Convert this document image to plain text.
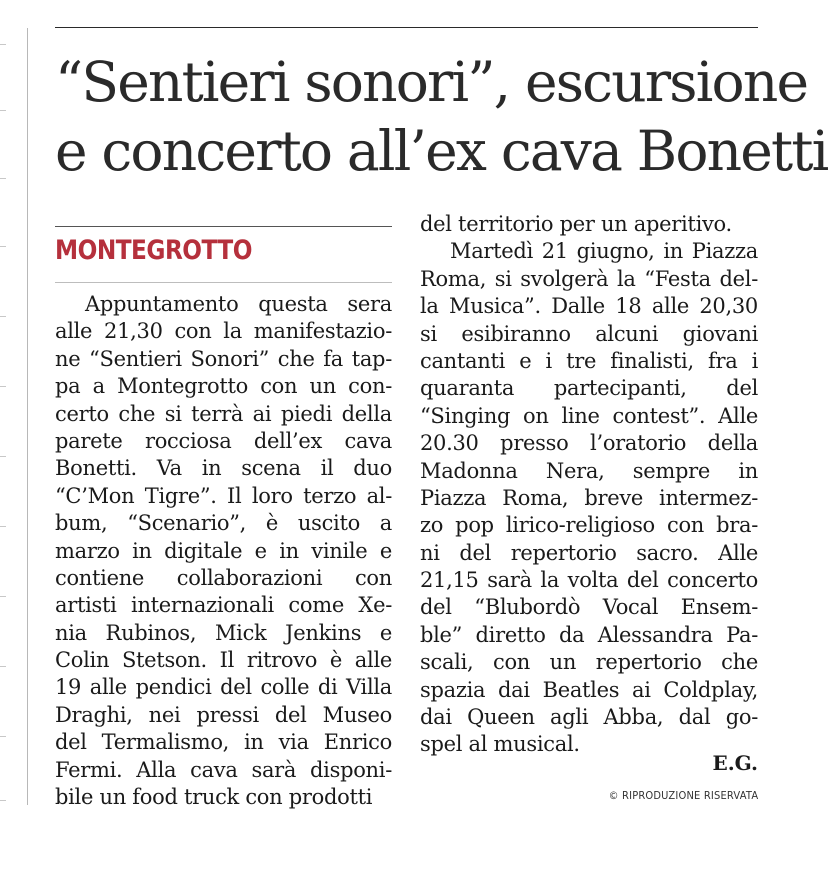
“Sentieri sonori”, escursione
e concerto all’ex cava Bonetti
MONTEGROTTO
Appuntamento questa sera
alle 21,30 con la manifestazio-
ne “Sentieri Sonori” che fa tap-
pa a Montegrotto con un con-
certo che si terrà ai piedi della
parete rocciosa dell’ex cava
Bonetti. Va in scena il duo
“C’Mon Tigre”. Il loro terzo al-
bum, “Scenario”, è uscito a
marzo in digitale e in vinile e
contiene collaborazioni con
artisti internazionali come Xe-
nia Rubinos, Mick Jenkins e
Colin Stetson. Il ritrovo è alle
19 alle pendici del colle di Villa
Draghi, nei pressi del Museo
del Termalismo, in via Enrico
Fermi. Alla cava sarà disponi-
bile un food truck con prodotti
del territorio per un aperitivo.
Martedì 21 giugno, in Piazza
Roma, si svolgerà la “Festa del-
la Musica”. Dalle 18 alle 20,30
si esibiranno alcuni giovani
cantanti e i tre finalisti, fra i
quaranta partecipanti, del
“Singing on line contest”. Alle
20.30 presso l’oratorio della
Madonna Nera, sempre in
Piazza Roma, breve intermez-
zo pop lirico-religioso con bra-
ni del repertorio sacro. Alle
21,15 sarà la volta del concerto
del “Blubordò Vocal Ensem-
ble” diretto da Alessandra Pa-
scali, con un repertorio che
spazia dai Beatles ai Coldplay,
dai Queen agli Abba, dal go-
spel al musical.
E.G.
© RIPRODUZIONE RISERVATA
